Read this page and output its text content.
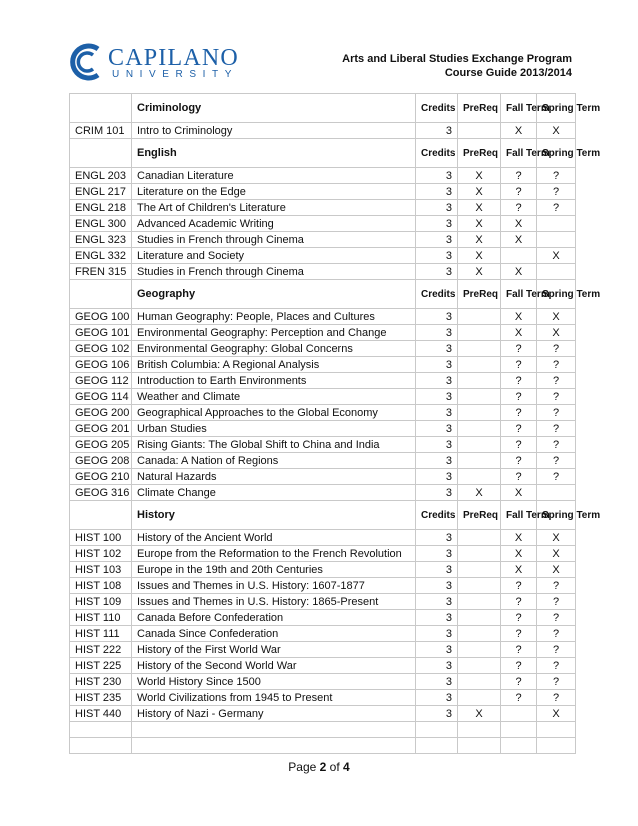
CAPILANO
UNIVERSITY
Arts and Liberal Studies Exchange Program
Course Guide 2013/2014
	Criminology	Credits	PreReq	Fall Term	Spring Term
CRIM 101	Intro to Criminology	3		X	X
	English	Credits	PreReq	Fall Term	Spring Term
ENGL 203	Canadian Literature	3	X	?	?
ENGL 217	Literature on the Edge	3	X	?	?
ENGL 218	The Art of Children's Literature	3	X	?	?
ENGL 300	Advanced Academic Writing	3	X	X	
ENGL 323	Studies in French through Cinema	3	X	X	
ENGL 332	Literature and Society	3	X		X
FREN 315	Studies in French through Cinema	3	X	X	
	Geography	Credits	PreReq	Fall Term	Spring Term
GEOG 100	Human Geography: People, Places and Cultures	3		X	X
GEOG 101	Environmental Geography: Perception and Change	3		X	X
GEOG 102	Environmental Geography: Global Concerns	3		?	?
GEOG 106	British Columbia: A Regional Analysis	3		?	?
GEOG 112	Introduction to Earth Environments	3		?	?
GEOG 114	Weather and Climate	3		?	?
GEOG 200	Geographical Approaches to the Global Economy	3		?	?
GEOG 201	Urban Studies	3		?	?
GEOG 205	Rising Giants: The Global Shift to China and India	3		?	?
GEOG 208	Canada: A Nation of Regions	3		?	?
GEOG 210	Natural Hazards	3		?	?
GEOG 316	Climate Change	3	X	X	
	History	Credits	PreReq	Fall Term	Spring Term
HIST 100	History of the Ancient World	3		X	X
HIST 102	Europe from the Reformation to the French Revolution	3		X	X
HIST 103	Europe in the 19th and 20th Centuries	3		X	X
HIST 108	Issues and Themes in U.S. History: 1607-1877	3		?	?
HIST 109	Issues and Themes in U.S. History: 1865-Present	3		?	?
HIST 110	Canada Before Confederation	3		?	?
HIST 111	Canada Since Confederation	3		?	?
HIST 222	History of the First World War	3		?	?
HIST 225	History of the Second World War	3		?	?
HIST 230	World History Since 1500	3		?	?
HIST 235	World Civilizations from 1945 to Present	3		?	?
HIST 440	History of Nazi - Germany	3	X		X

Page 2 of 4
